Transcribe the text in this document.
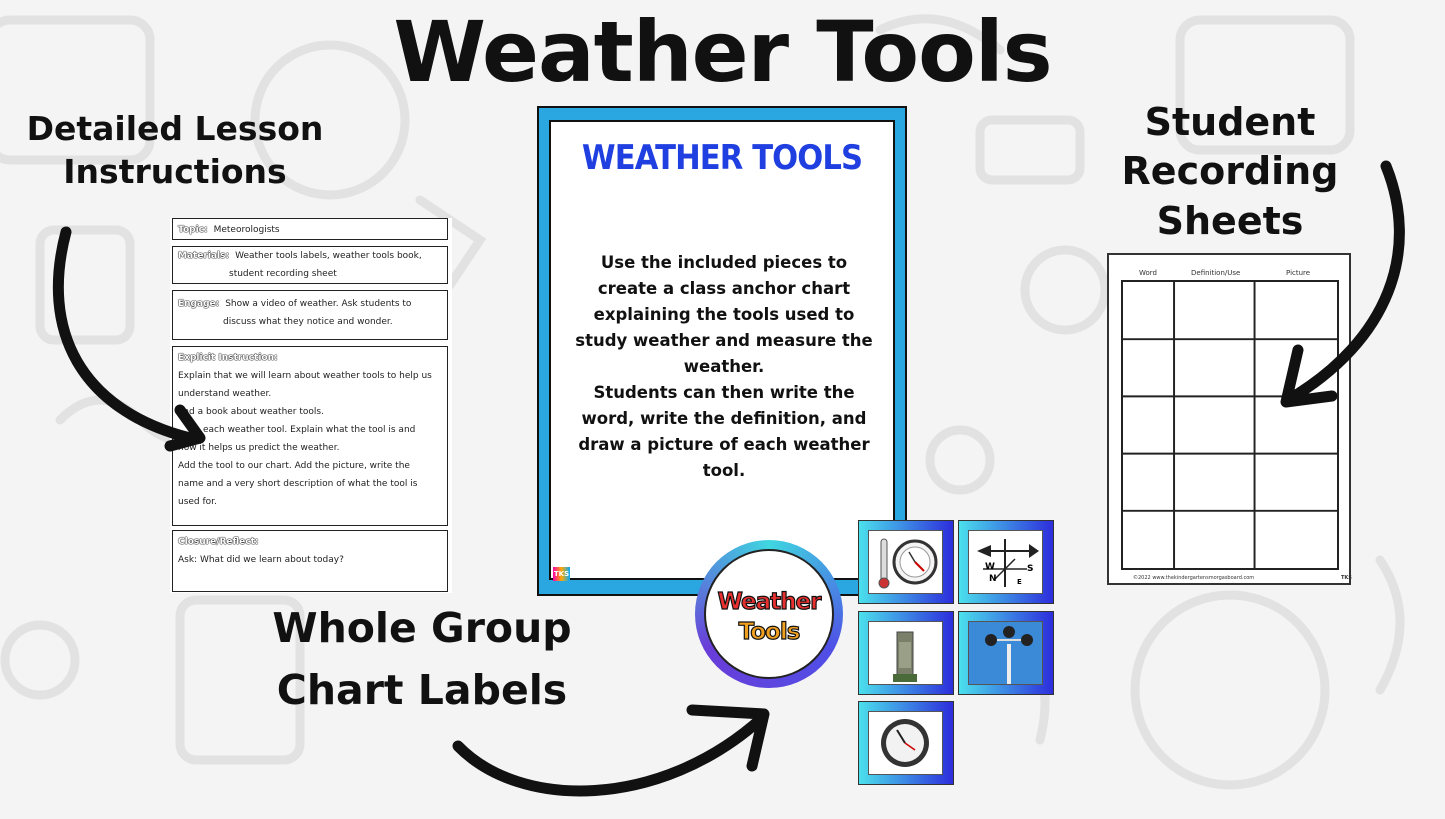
Weather Tools
Detailed Lesson
Instructions
Student Recording
Sheets
Whole Group
Chart Labels
Topic: Meteorologists
Materials: Weather tools labels, weather tools book,
student recording sheet
Engage: Show a video of weather. Ask students to
discuss what they notice and wonder.
Explicit Instruction:
Explain that we will learn about weather tools to help us
understand weather.
ead a book about weather tools.
each weather tool. Explain what the tool is and
how it helps us predict the weather.
Add the tool to our chart. Add the picture, write the
name and a very short description of what the tool is
used for.
Closure/Reflect:
Ask: What did we learn about today?
WEATHER TOOLS
Use the included pieces to create a class anchor chart explaining the tools used to study weather and measure the weather.
Students can then write the word, write the definition, and draw a picture of each weather tool.
TKS
Word	Definition/Use	Picture
©2022 www.thekindergartensmorgasboard.com	TKS
Weather
Tools
W	S
N	E
